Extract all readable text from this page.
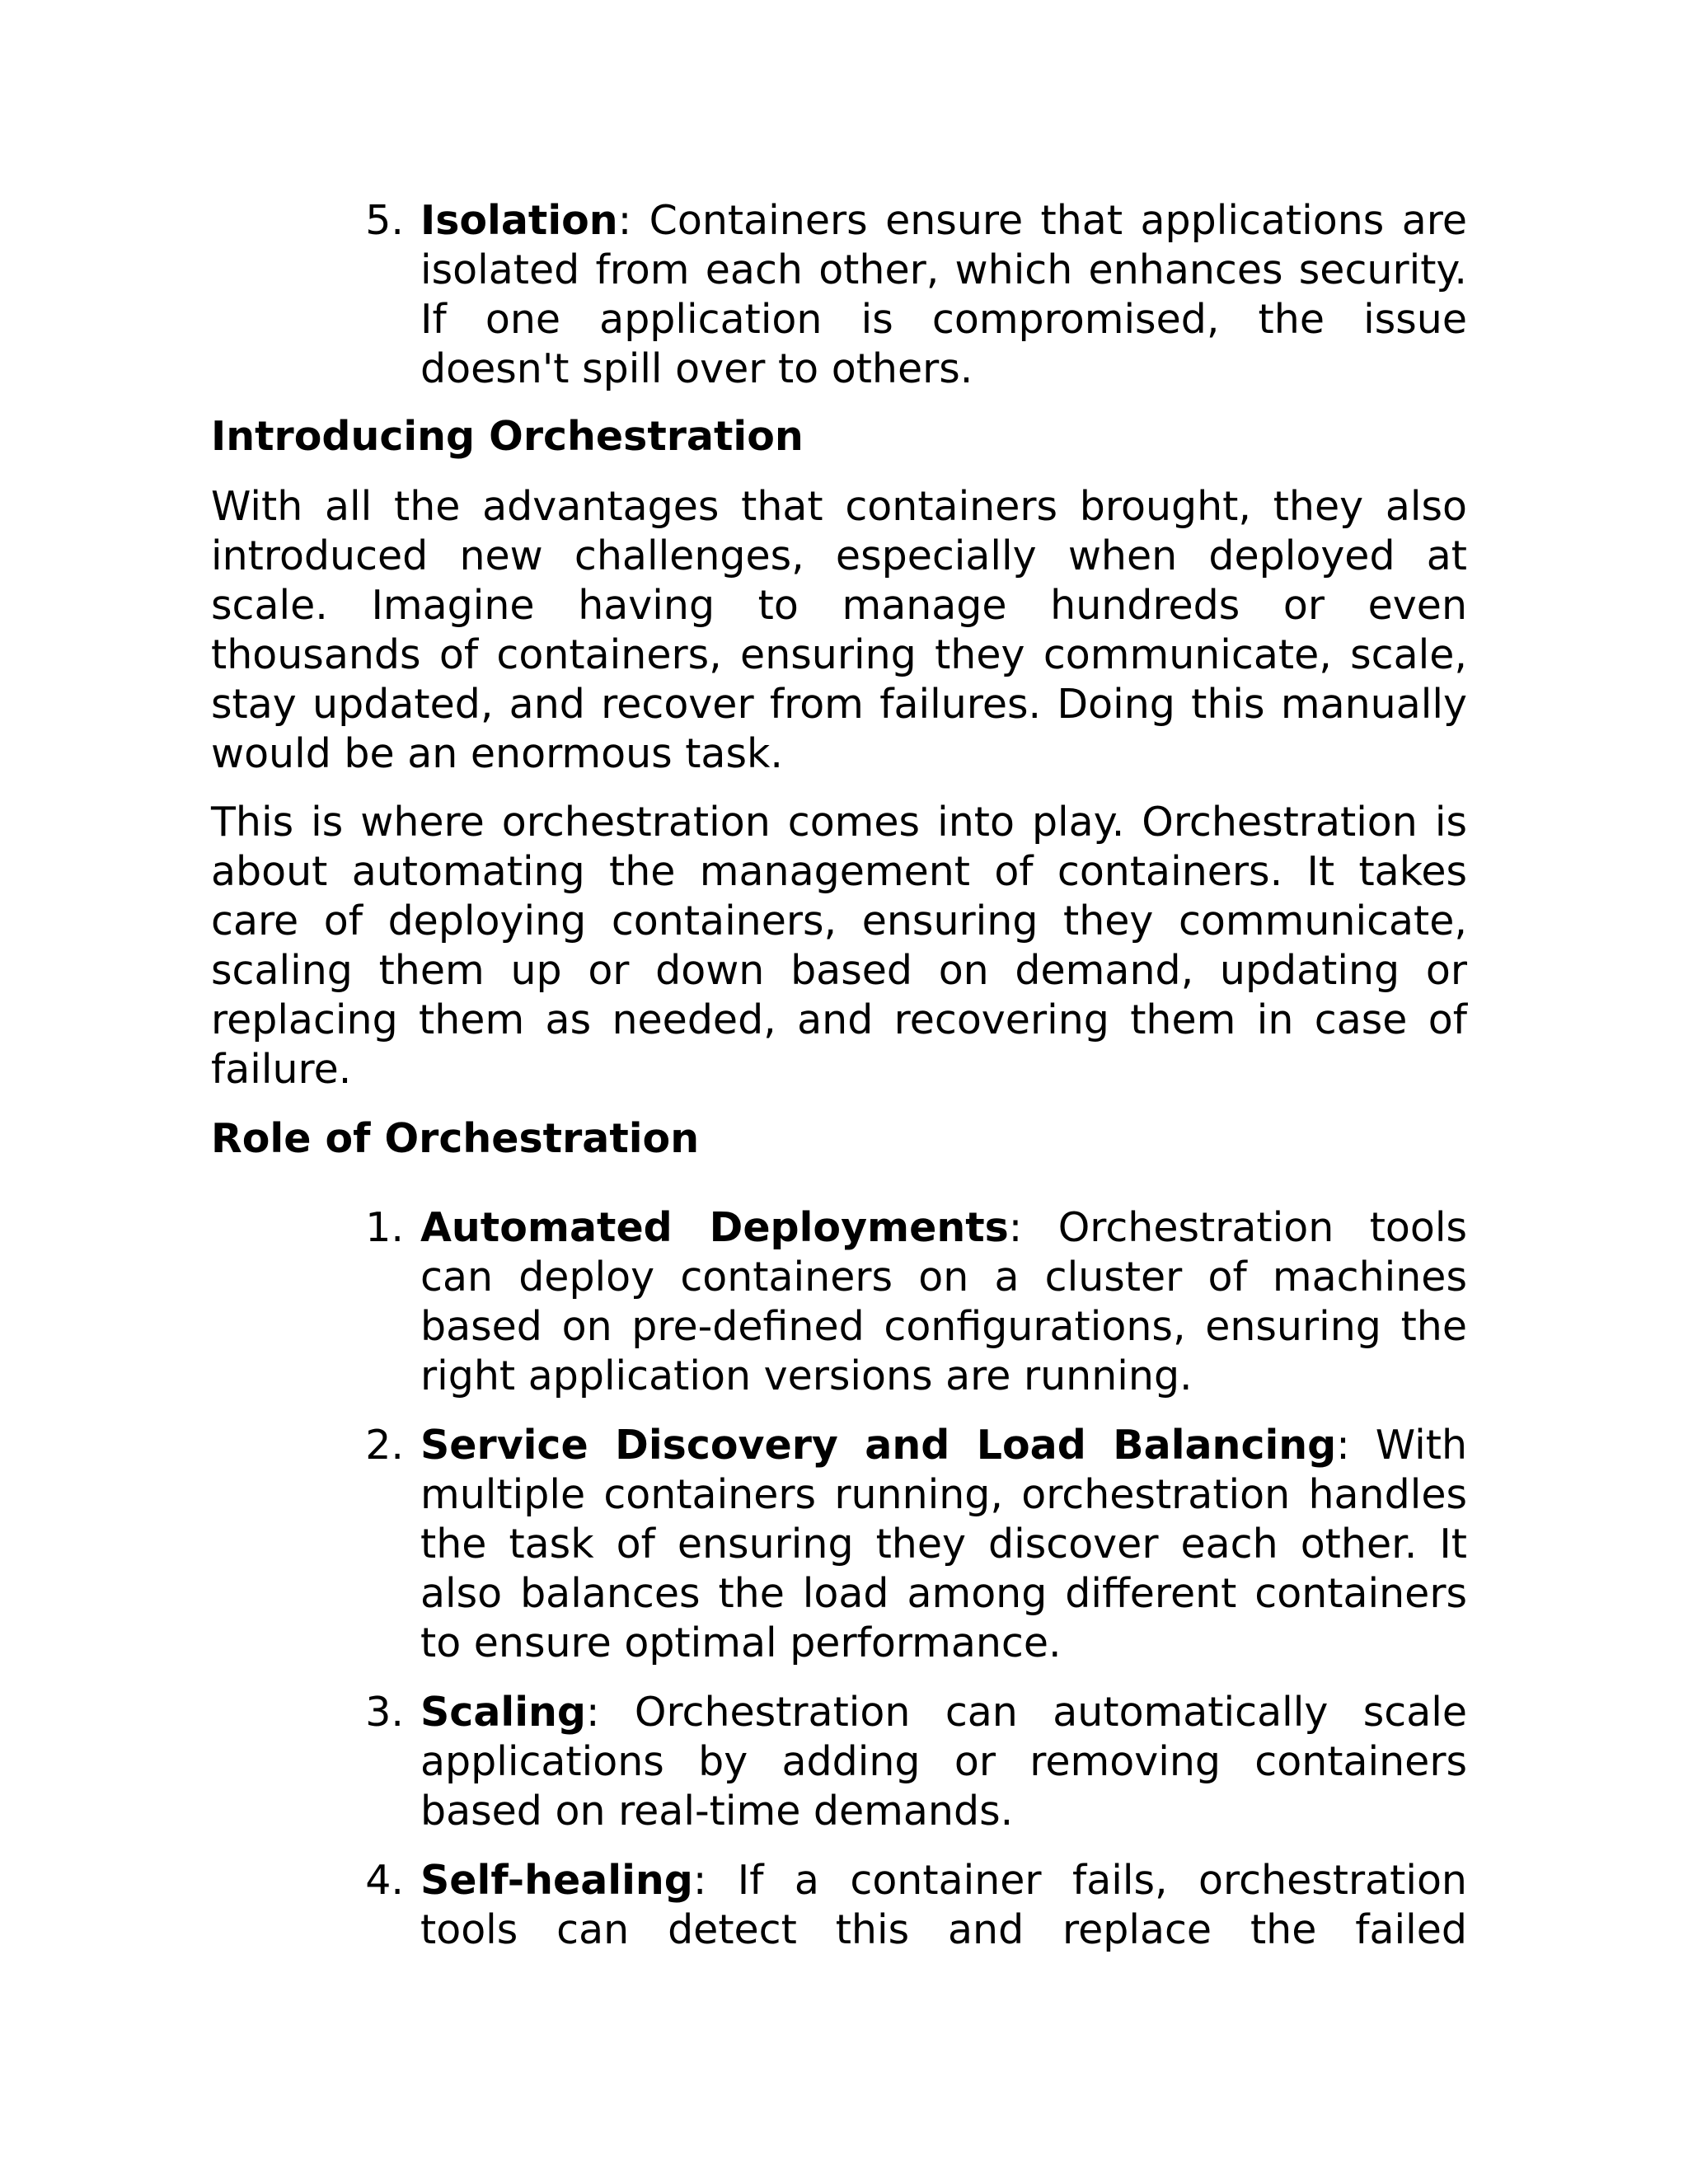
5. Isolation: Containers ensure that applications are isolated from each other, which enhances security. If one application is compromised, the issue doesn't spill over to others.
Introducing Orchestration
With all the advantages that containers brought, they also introduced new challenges, especially when deployed at scale. Imagine having to manage hundreds or even thousands of containers, ensuring they communicate, scale, stay updated, and recover from failures. Doing this manually would be an enormous task.
This is where orchestration comes into play. Orchestration is about automating the management of containers. It takes care of deploying containers, ensuring they communicate, scaling them up or down based on demand, updating or replacing them as needed, and recovering them in case of failure.
Role of Orchestration
1. Automated Deployments: Orchestration tools can deploy containers on a cluster of machines based on pre-defined configurations, ensuring the right application versions are running.
2. Service Discovery and Load Balancing: With multiple containers running, orchestration handles the task of ensuring they discover each other. It also balances the load among different containers to ensure optimal performance.
3. Scaling: Orchestration can automatically scale applications by adding or removing containers based on real-time demands.
4. Self-healing: If a container fails, orchestration tools can detect this and replace the failed
